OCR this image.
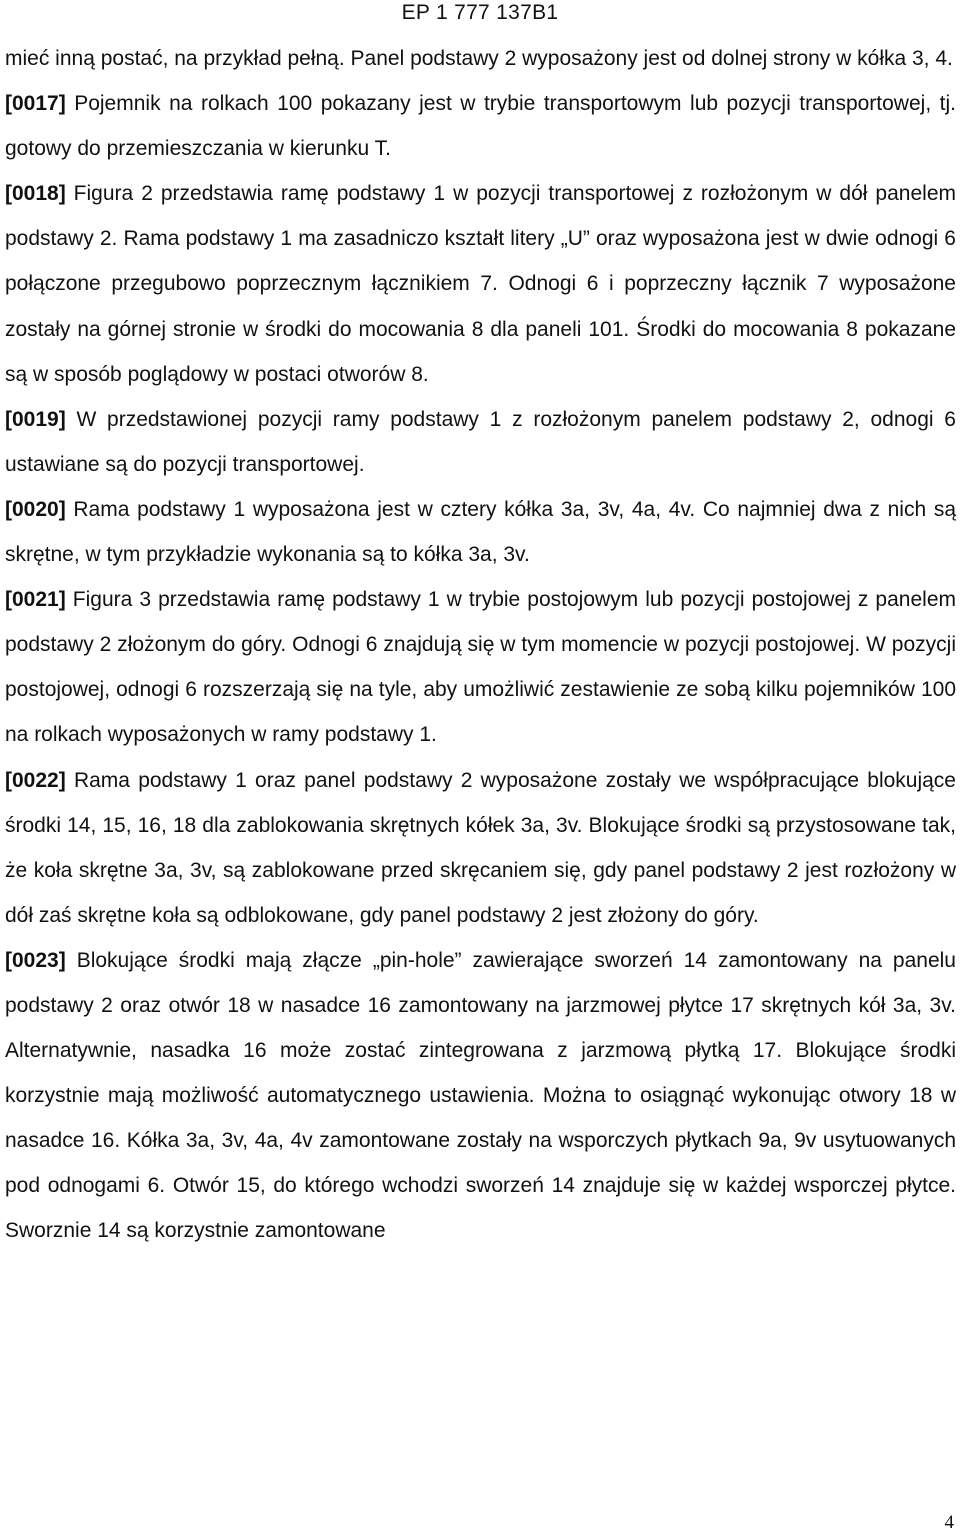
EP 1 777 137B1

mieć inną postać, na przykład pełną. Panel podstawy 2 wyposażony jest od dolnej strony w kółka 3, 4.

[0017] Pojemnik na rolkach 100 pokazany jest w trybie transportowym lub pozycji transportowej, tj. gotowy do przemieszczania w kierunku T.

[0018] Figura 2 przedstawia ramę podstawy 1 w pozycji transportowej z rozłożonym w dół panelem podstawy 2. Rama podstawy 1 ma zasadniczo kształt litery „U” oraz wyposażona jest w dwie odnogi 6 połączone przegubowo poprzecznym łącznikiem 7. Odnogi 6 i poprzeczny łącznik 7 wyposażone zostały na górnej stronie w środki do mocowania 8 dla paneli 101. Środki do mocowania 8 pokazane są w sposób poglądowy w postaci otworów 8.

[0019] W przedstawionej pozycji ramy podstawy 1 z rozłożonym panelem podstawy 2, odnogi 6 ustawiane są do pozycji transportowej.

[0020] Rama podstawy 1 wyposażona jest w cztery kółka 3a, 3v, 4a, 4v. Co najmniej dwa z nich są skrętne, w tym przykładzie wykonania są to kółka 3a, 3v.

[0021] Figura 3 przedstawia ramę podstawy 1 w trybie postojowym lub pozycji postojowej z panelem podstawy 2 złożonym do góry. Odnogi 6 znajdują się w tym momencie w pozycji postojowej. W pozycji postojowej, odnogi 6 rozszerzają się na tyle, aby umożliwić zestawienie ze sobą kilku pojemników 100 na rolkach wyposażonych w ramy podstawy 1.

[0022] Rama podstawy 1 oraz panel podstawy 2 wyposażone zostały we współpracujące blokujące środki 14, 15, 16, 18 dla zablokowania skrętnych kółek 3a, 3v. Blokujące środki są przystosowane tak, że koła skrętne 3a, 3v, są zablokowane przed skręcaniem się, gdy panel podstawy 2 jest rozłożony w dół zaś skrętne koła są odblokowane, gdy panel podstawy 2 jest złożony do góry.

[0023] Blokujące środki mają złącze „pin-hole” zawierające sworzeń 14 zamontowany na panelu podstawy 2 oraz otwór 18 w nasadce 16 zamontowany na jarzmowej płytce 17 skrętnych kół 3a, 3v. Alternatywnie, nasadka 16 może zostać zintegrowana z jarzmową płytką 17. Blokujące środki korzystnie mają możliwość automatycznego ustawienia. Można to osiągnąć wykonując otwory 18 w nasadce 16. Kółka 3a, 3v, 4a, 4v zamontowane zostały na wsporczych płytkach 9a, 9v usytuowanych pod odnogami 6. Otwór 15, do którego wchodzi sworzeń 14 znajduje się w każdej wsporczej płytce. Sworznie 14 są korzystnie zamontowane

4
